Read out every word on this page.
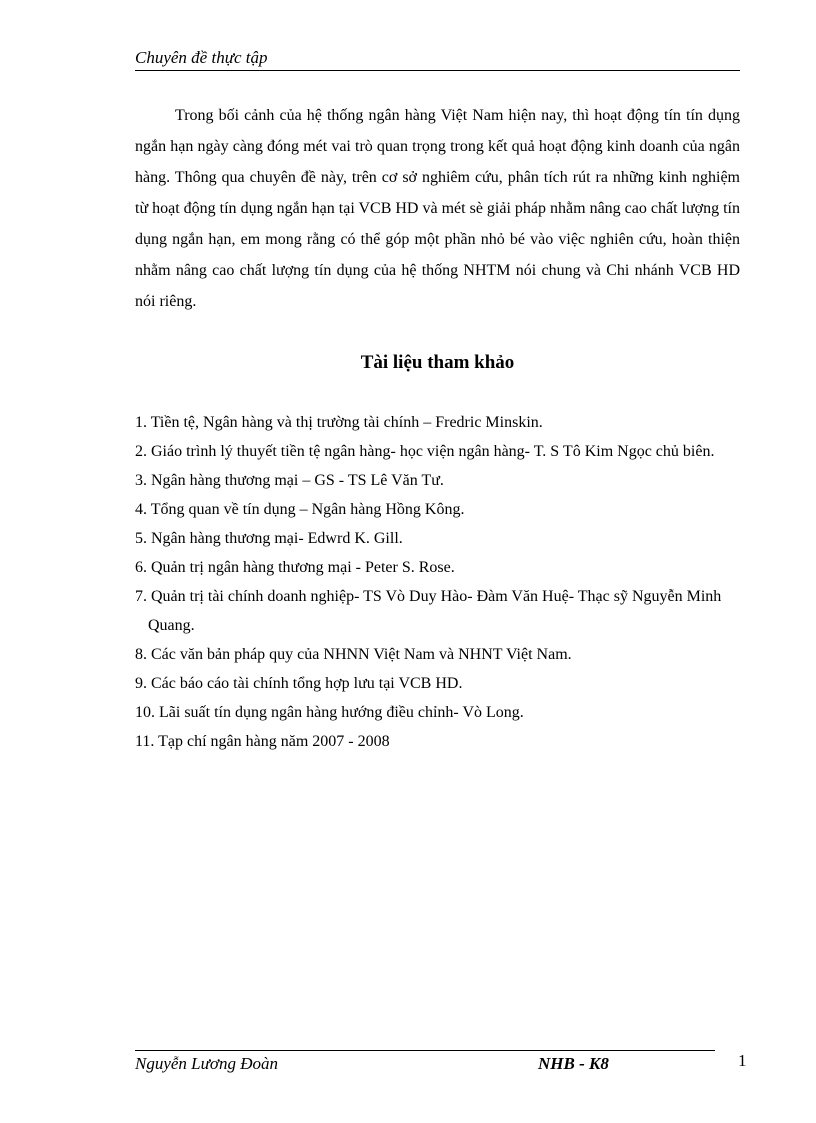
Chuyên đề thực tập

Trong bối cảnh của hệ thống ngân hàng Việt Nam hiện nay, thì hoạt động tín tín dụng ngắn hạn ngày càng đóng mét vai trò quan trọng trong kết quả hoạt động kinh doanh của ngân hàng. Thông qua chuyên đề này, trên cơ sở nghiêm cứu, phân tích rút ra những kinh nghiệm từ hoạt động tín dụng ngắn hạn tại VCB HD và mét sè giải pháp nhằm nâng cao chất lượng tín dụng ngắn hạn, em mong rằng có thể góp một phần nhỏ bé vào việc nghiên cứu, hoàn thiện nhằm nâng cao chất lượng tín dụng của hệ thống NHTM nói chung và Chi nhánh VCB HD nói riêng.

Tài liệu tham khảo
1. Tiền tệ, Ngân hàng và thị trường tài chính – Fredric Minskin.
2. Giáo trình lý thuyết tiền tệ ngân hàng- học viện ngân hàng- T. S Tô Kim Ngọc chủ biên.
3. Ngân hàng thương mại – GS - TS Lê Văn Tư.
4. Tổng quan về tín dụng – Ngân hàng Hồng Kông.
5. Ngân hàng thương mại- Edwrd K. Gill.
6. Quản trị ngân hàng thương mại - Peter S. Rose.
7. Quản trị tài chính doanh nghiệp- TS Vò Duy Hào- Đàm Văn Huệ- Thạc sỹ Nguyễn Minh Quang.
8. Các văn bản pháp quy của NHNN Việt Nam và NHNT Việt Nam.
9. Các báo cáo tài chính tổng hợp lưu tại VCB HD.
10. Lãi suất tín dụng ngân hàng hướng điều chỉnh- Vò Long.
11. Tạp chí ngân hàng năm 2007 - 2008
Nguyễn Lương Đoàn	NHB - K8	1
